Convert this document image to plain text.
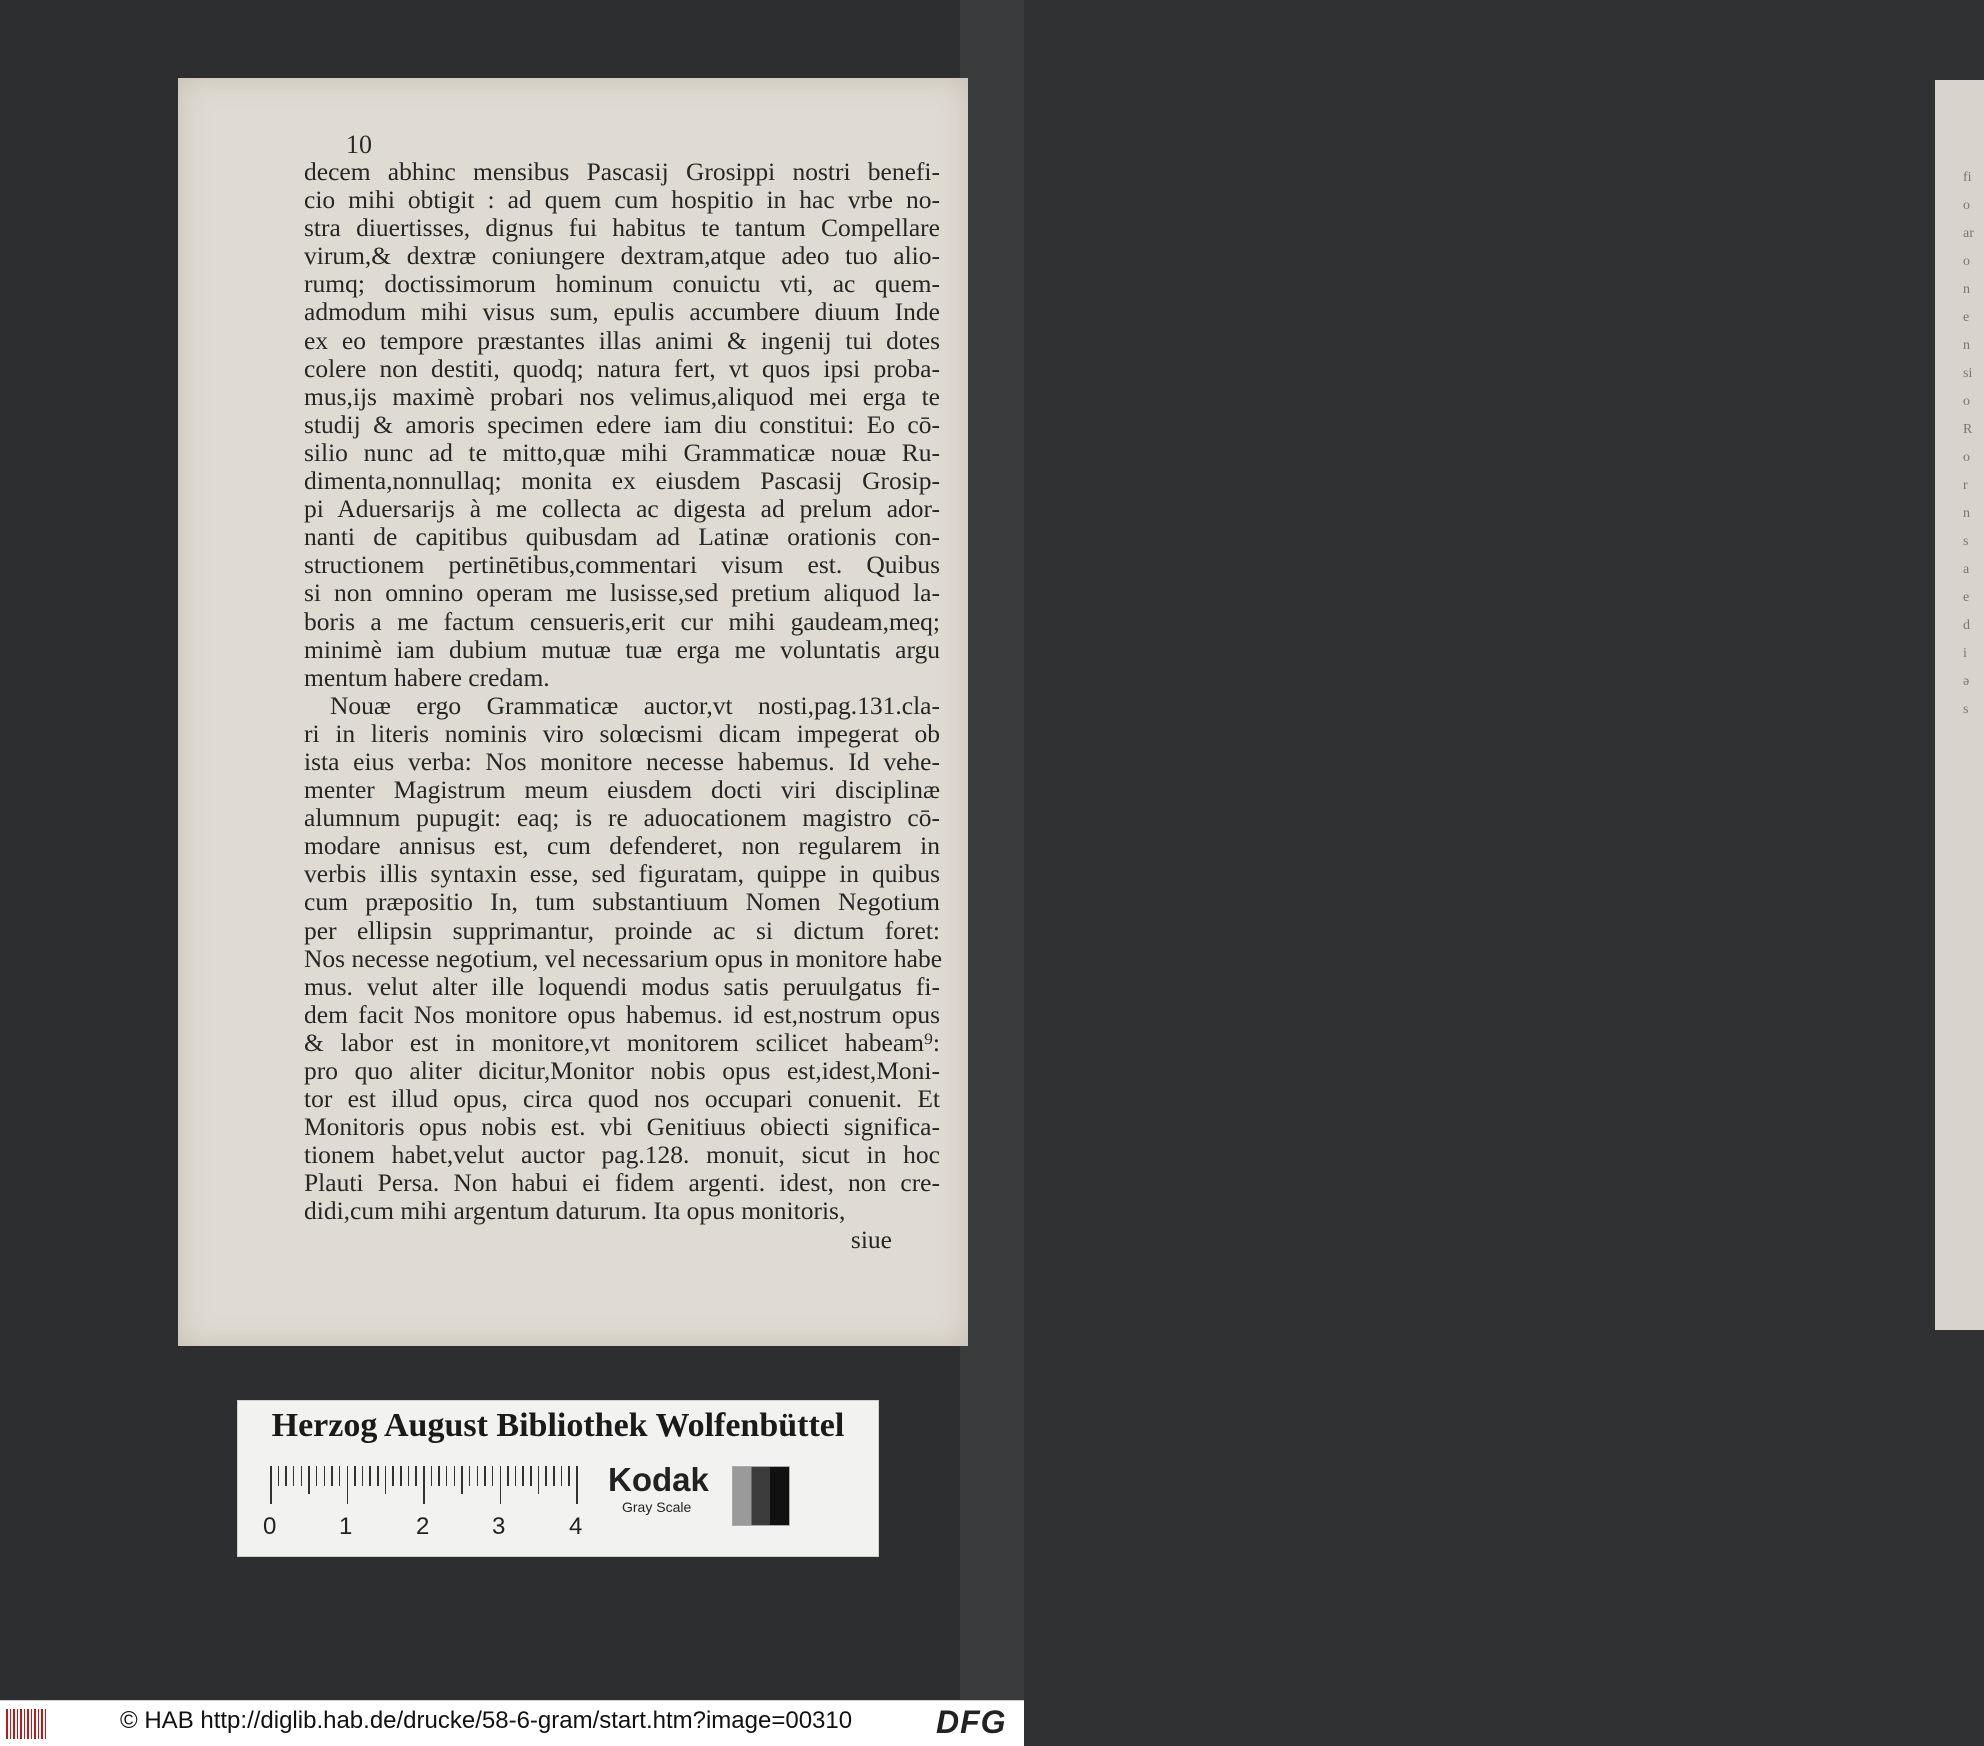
fi
o
ar
o
n
e
n
si
o
R
o
r
n
s
a
e
d
i
ə
s
10
decem abhinc mensibus Pascasij Grosippi nostri benefi-
cio mihi obtigit : ad quem cum hospitio in hac vrbe no-
stra diuertisses, dignus fui habitus te tantum Compellare
virum,& dextræ coniungere dextram,atque adeo tuo alio-
rumq; doctissimorum hominum conuictu vti, ac quem-
admodum mihi visus sum, epulis accumbere diuum Inde
ex eo tempore præstantes illas animi & ingenij tui dotes
colere non destiti, quodq; natura fert, vt quos ipsi proba-
mus,ijs maximè probari nos velimus,aliquod mei erga te
studij & amoris specimen edere iam diu constitui: Eo cō-
silio nunc ad te mitto,quæ mihi Grammaticæ nouæ Ru-
dimenta,nonnullaq; monita ex eiusdem Pascasij Grosip-
pi Aduersarijs à me collecta ac digesta ad prelum ador-
nanti de capitibus quibusdam ad Latinæ orationis con-
structionem pertinētibus,commentari visum est. Quibus
si non omnino operam me lusisse,sed pretium aliquod la-
boris a me factum censueris,erit cur mihi gaudeam,meq;
minimè iam dubium mutuæ tuæ erga me voluntatis argu
mentum habere credam.
Nouæ ergo Grammaticæ auctor,vt nosti,pag.131.cla-
ri in literis nominis viro solœcismi dicam impegerat ob
ista eius verba: Nos monitore necesse habemus. Id vehe-
menter Magistrum meum eiusdem docti viri disciplinæ
alumnum pupugit: eaq; is re aduocationem magistro cō-
modare annisus est, cum defenderet, non regularem in
verbis illis syntaxin esse, sed figuratam, quippe in quibus
cum præpositio In, tum substantiuum Nomen Negotium
per ellipsin supprimantur, proinde ac si dictum foret:
Nos necesse negotium, vel necessarium opus in monitore habe
mus. velut alter ille loquendi modus satis peruulgatus fi-
dem facit Nos monitore opus habemus. id est,nostrum opus
& labor est in monitore,vt monitorem scilicet habeam⁹:
pro quo aliter dicitur,Monitor nobis opus est,idest,Moni-
tor est illud opus, circa quod nos occupari conuenit. Et
Monitoris opus nobis est. vbi Genitiuus obiecti significa-
tionem habet,velut auctor pag.128. monuit, sicut in hoc
Plauti Persa. Non habui ei fidem argenti. idest, non cre-
didi,cum mihi argentum daturum. Ita opus monitoris,
siue
Herzog August Bibliothek Wolfenbüttel
0	1	2	3	4
Kodak
Gray Scale
© HAB http://diglib.hab.de/drucke/58-6-gram/start.htm?image=00310	DFG
